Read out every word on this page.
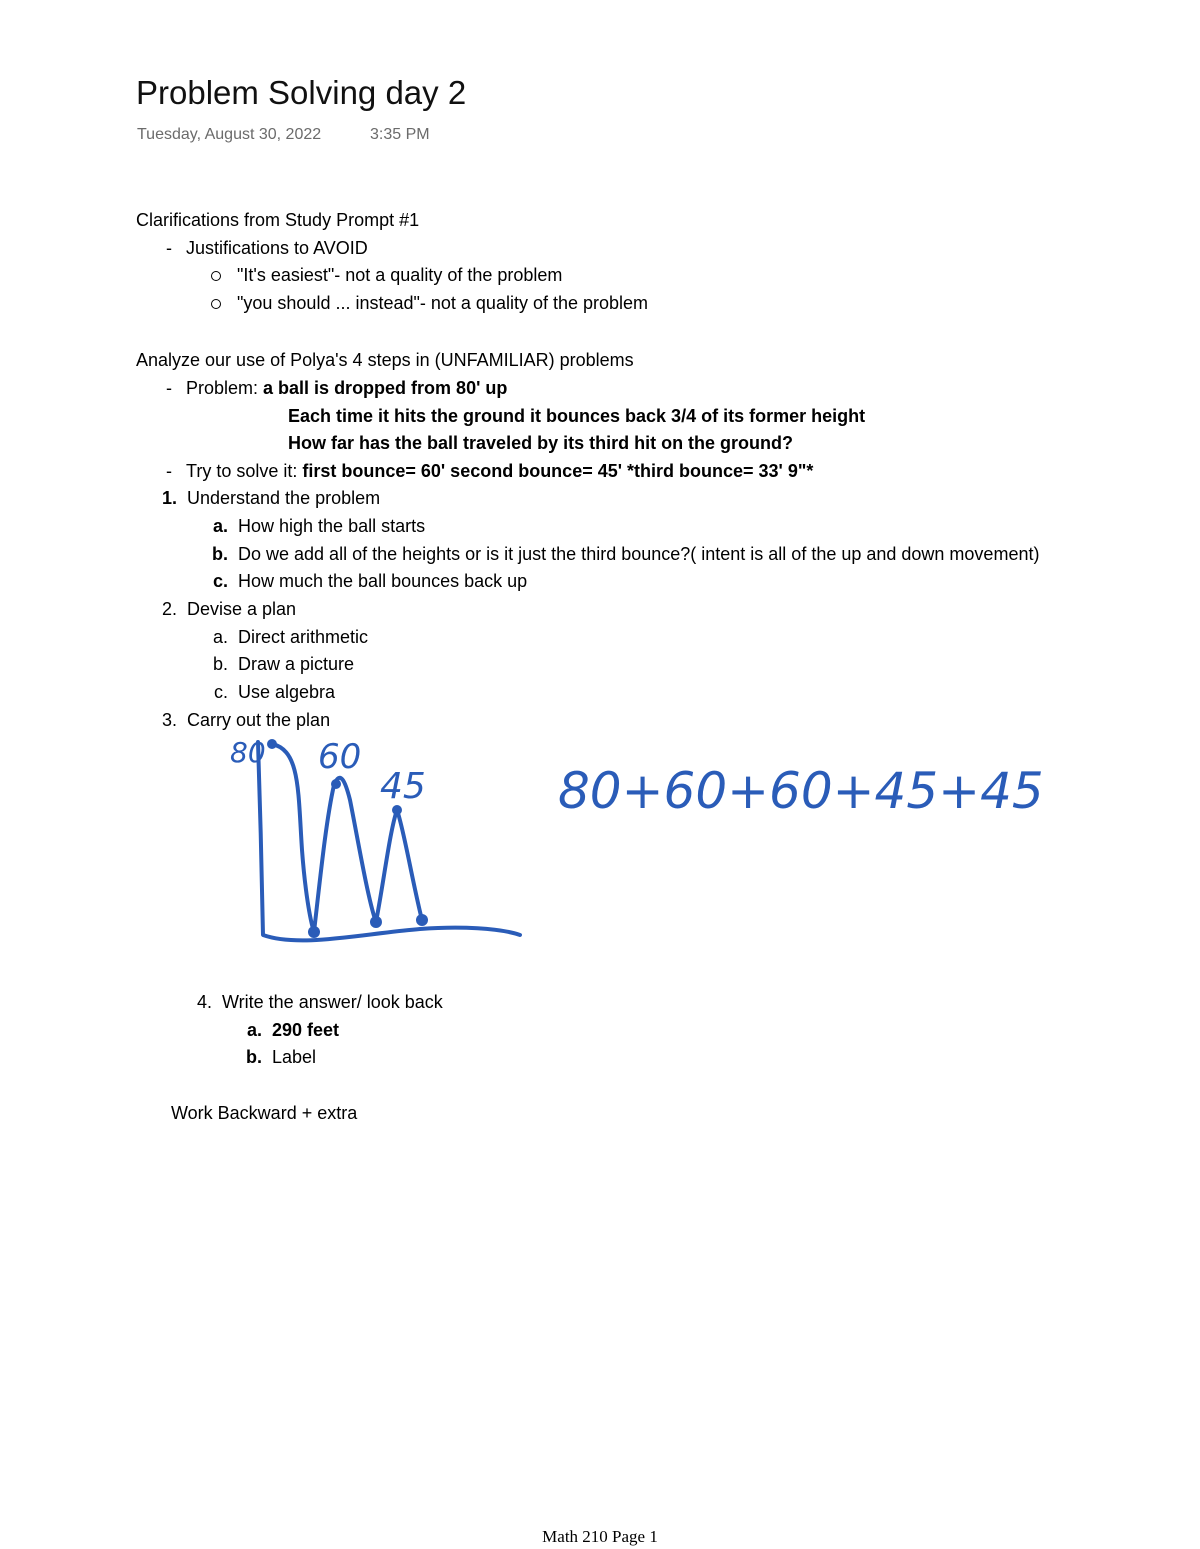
Problem Solving day 2
Tuesday, August 30, 2022	3:35 PM
Clarifications from Study Prompt #1
- Justifications to AVOID
"It's easiest"- not a quality of the problem
"you should ... instead"- not a quality of the problem
Analyze our use of Polya's 4 steps in (UNFAMILIAR) problems
- Problem: a ball is dropped from 80' up
Each time it hits the ground it bounces back 3/4 of its former height
How far has the ball traveled by its third hit on the ground?
- Try to solve it: first bounce= 60' second bounce= 45' *third bounce= 33' 9"*
1. Understand the problem
a. How high the ball starts
b. Do we add all of the heights or is it just the third bounce?( intent is all of the up and down movement)
c. How much the ball bounces back up
2. Devise a plan
a. Direct arithmetic
b. Draw a picture
c. Use algebra
3. Carry out the plan
80 60
45	80+60+60+45+45
4. Write the answer/ look back
a. 290 feet
b. Label
Work Backward + extra
Math 210 Page 1
